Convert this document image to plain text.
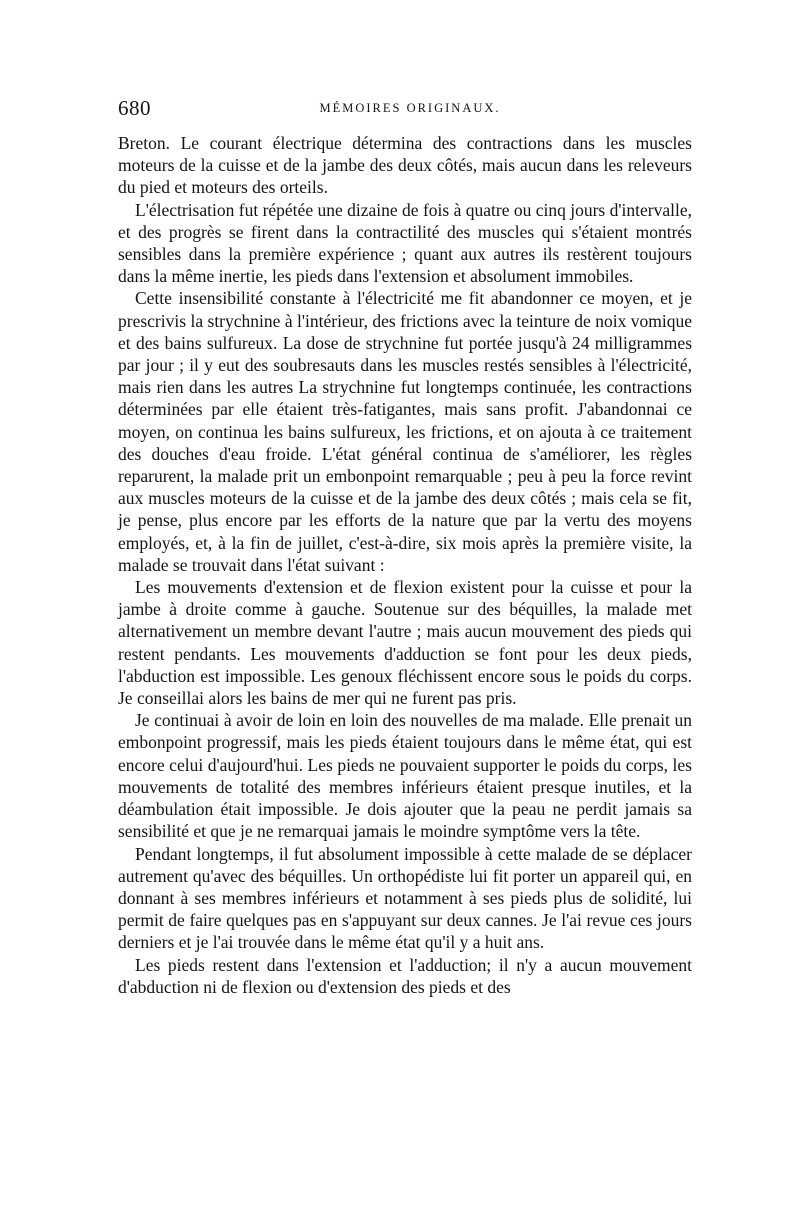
680	MÉMOIRES ORIGINAUX.

Breton. Le courant électrique détermina des contractions dans les muscles moteurs de la cuisse et de la jambe des deux côtés, mais aucun dans les releveurs du pied et moteurs des orteils.

L'électrisation fut répétée une dizaine de fois à quatre ou cinq jours d'intervalle, et des progrès se firent dans la contractilité des muscles qui s'étaient montrés sensibles dans la première expérience ; quant aux autres ils restèrent toujours dans la même inertie, les pieds dans l'extension et absolument immobiles.

Cette insensibilité constante à l'électricité me fit abandonner ce moyen, et je prescrivis la strychnine à l'intérieur, des frictions avec la teinture de noix vomique et des bains sulfureux. La dose de strychnine fut portée jusqu'à 24 milligrammes par jour ; il y eut des soubresauts dans les muscles restés sensibles à l'électricité, mais rien dans les autres La strychnine fut longtemps continuée, les contractions déterminées par elle étaient très-fatigantes, mais sans profit. J'abandonnai ce moyen, on continua les bains sulfureux, les frictions, et on ajouta à ce traitement des douches d'eau froide. L'état général continua de s'améliorer, les règles reparurent, la malade prit un embonpoint remarquable ; peu à peu la force revint aux muscles moteurs de la cuisse et de la jambe des deux côtés ; mais cela se fit, je pense, plus encore par les efforts de la nature que par la vertu des moyens employés, et, à la fin de juillet, c'est-à-dire, six mois après la première visite, la malade se trouvait dans l'état suivant :

Les mouvements d'extension et de flexion existent pour la cuisse et pour la jambe à droite comme à gauche. Soutenue sur des béquilles, la malade met alternativement un membre devant l'autre ; mais aucun mouvement des pieds qui restent pendants. Les mouvements d'adduction se font pour les deux pieds, l'abduction est impossible. Les genoux fléchissent encore sous le poids du corps. Je conseillai alors les bains de mer qui ne furent pas pris.

Je continuai à avoir de loin en loin des nouvelles de ma malade. Elle prenait un embonpoint progressif, mais les pieds étaient toujours dans le même état, qui est encore celui d'aujourd'hui. Les pieds ne pouvaient supporter le poids du corps, les mouvements de totalité des membres inférieurs étaient presque inutiles, et la déambulation était impossible. Je dois ajouter que la peau ne perdit jamais sa sensibilité et que je ne remarquai jamais le moindre symptôme vers la tête.

Pendant longtemps, il fut absolument impossible à cette malade de se déplacer autrement qu'avec des béquilles. Un orthopédiste lui fit porter un appareil qui, en donnant à ses membres inférieurs et notamment à ses pieds plus de solidité, lui permit de faire quelques pas en s'appuyant sur deux cannes. Je l'ai revue ces jours derniers et je l'ai trouvée dans le même état qu'il y a huit ans.

Les pieds restent dans l'extension et l'adduction; il n'y a aucun mouvement d'abduction ni de flexion ou d'extension des pieds et des
